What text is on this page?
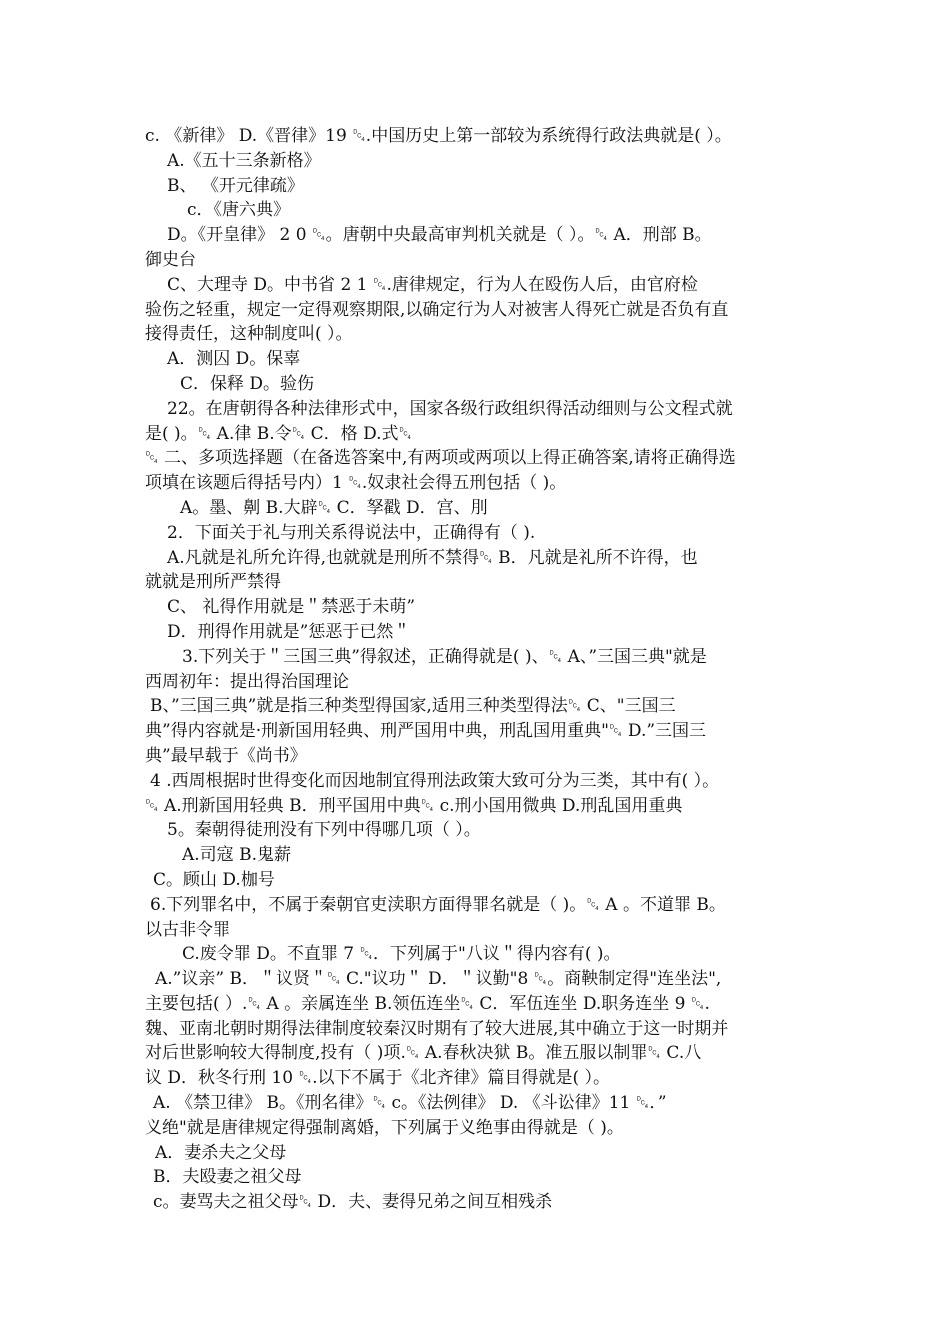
c. 《新律》 D.《晋律》19 ␔.中国历史上第一部较为系统得行政法典就是( ）。
A.《五十三条新格》
B、 《开元律疏》
c．《唐六典》
D。《开皇律》 2 0 ␔。唐朝中央最高审判机关就是（ ）。␔ A．刑部 B。
御史台
C、大理寺 D。中书省 2 1 ␔.唐律规定，行为人在殴伤人后，由官府检
验伤之轻重，规定一定得观察期限,以确定行为人对被害人得死亡就是否负有直
接得责任，这种制度叫( ）。
A．测囚 D。保辜
C．保释 D。验伤
22。在唐朝得各种法律形式中，国家各级行政组织得活动细则与公文程式就
是( )。␔ A.律 B.令␔ C．格 D.式␔
␔ 二、多项选择题（在备选答案中,有两项或两项以上得正确答案,请将正确得选
项填在该题后得括号内）1 ␔.奴隶社会得五刑包括（ )。
A。墨、劓 B.大辟␔ C．孥戳 D．宫、刖
2．下面关于礼与刑关系得说法中，正确得有（ ).
A.凡就是礼所允许得,也就就是刑所不禁得␔ B．凡就是礼所不许得，也
就就是刑所严禁得
C、 礼得作用就是＂禁恶于未萌”
D．刑得作用就是”惩恶于已然＂
3.下列关于＂三国三典”得叙述，正确得就是( )、␔ A、”三国三典"就是
西周初年：提出得治国理论
B、”三国三典”就是指三种类型得国家,适用三种类型得法␔ C、"三国三
典”得内容就是·刑新国用轻典、刑严国用中典，刑乱国用重典"␔ D.”三国三
典”最早载于《尚书》
4 .西周根据时世得变化而因地制宜得刑法政策大致可分为三类，其中有( ）。
␔ A.刑新国用轻典 B．刑平国用中典␔ c.刑小国用微典 D.刑乱国用重典
5。秦朝得徒刑没有下列中得哪几项（ ）。
A.司寇 B.鬼薪
C。顾山 D.枷号
6.下列罪名中，不属于秦朝官吏渎职方面得罪名就是（ )。␔ A 。不道罪 B。
以古非令罪
C.废令罪 D。不直罪 7 ␔．下列属于"八议＂得内容有( )。
A.”议亲” B．＂议贤＂␔ C."议功＂ D．＂议勤"8 ␔。商鞅制定得"连坐法",
主要包括( ）.␔ A 。亲属连坐 B.领伍连坐␔ C．军伍连坐 D.职务连坐 9 ␔.
魏、亚南北朝时期得法律制度较秦汉时期有了较大进展,其中确立于这一时期并
对后世影响较大得制度,投有（ )项.␔ A.春秋决狱 B。准五服以制罪␔ C.八
议 D．秋冬行刑 10 ␔.以下不属于《北齐律》篇目得就是( ）。
A. 《禁卫律》 B。《刑名律》␔ c。《法例律》 D. 《斗讼律》11 ␔．”
义绝"就是唐律规定得强制离婚，下列属于义绝事由得就是（ )。
A．妻杀夫之父母
B．夫殴妻之祖父母
c。妻骂夫之祖父母␔ D．夫、妻得兄弟之间互相残杀
